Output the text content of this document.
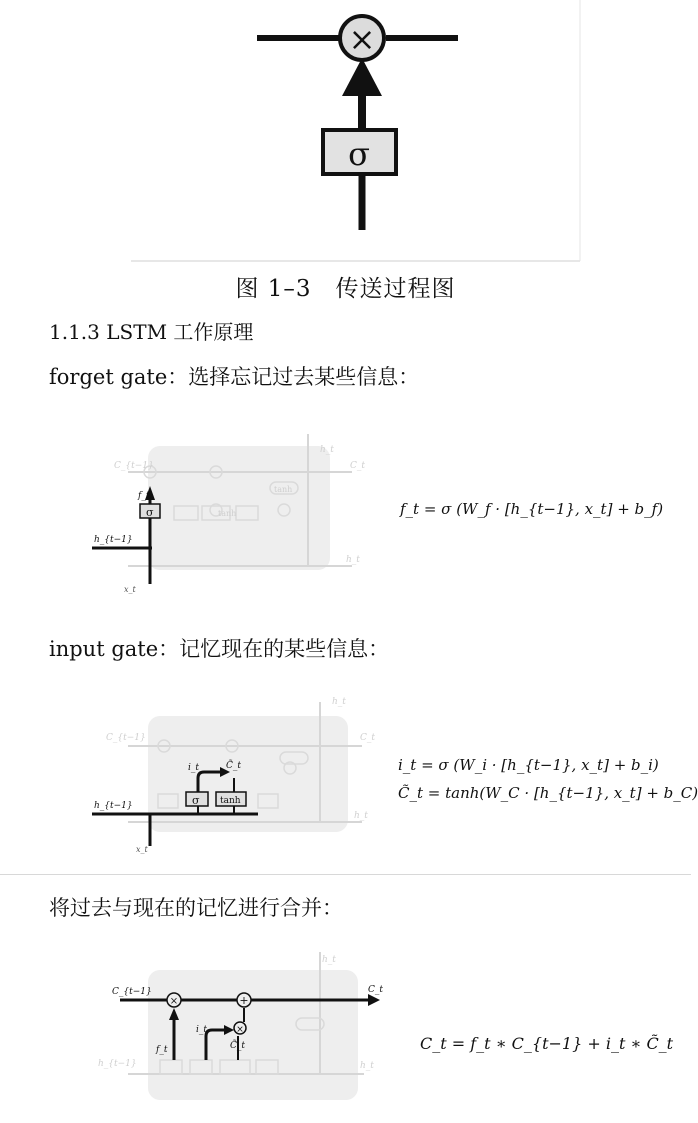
×
σ
图 1–3　传送过程图
1.1.3 LSTM 工作原理
forget gate：选择忘记过去某些信息：
tanh
tanh
C_{t−1}	C_t
h_t
h_t
σ
f_t
h_{t−1}
x_t
f_t = σ (W_f · [h_{t−1}, x_t] + b_f)
input gate：记忆现在的某些信息：
C_{t−1}	C_t
h_t
h_t
σ tanh
i_t	C̃_t
h_{t−1}
x_t
i_t = σ (W_i · [h_{t−1}, x_t] + b_i)
C̃_t = tanh(W_C · [h_{t−1}, x_t] + b_C)
将过去与现在的记忆进行合并：
h_t
h_t
h_{t−1}
×	+
×
C_{t−1}	C_t
f_t
i_t
C̃_t	C_t = f_t ∗ C_{t−1} + i_t ∗ C̃_t
